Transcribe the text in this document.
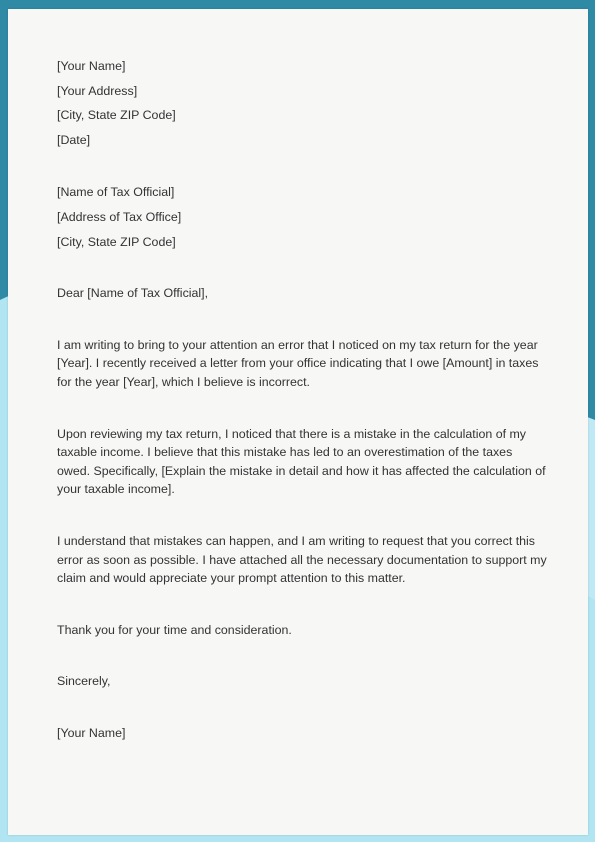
[Your Name]
[Your Address]
[City, State ZIP Code]
[Date]
[Name of Tax Official]
[Address of Tax Office]
[City, State ZIP Code]
Dear [Name of Tax Official],

I am writing to bring to your attention an error that I noticed on my tax return for the year [Year]. I recently received a letter from your office indicating that I owe [Amount] in taxes for the year [Year], which I believe is incorrect.

Upon reviewing my tax return, I noticed that there is a mistake in the calculation of my taxable income. I believe that this mistake has led to an overestimation of the taxes owed. Specifically, [Explain the mistake in detail and how it has affected the calculation of your taxable income].

I understand that mistakes can happen, and I am writing to request that you correct this error as soon as possible. I have attached all the necessary documentation to support my claim and would appreciate your prompt attention to this matter.

Thank you for your time and consideration.
Sincerely,
[Your Name]
